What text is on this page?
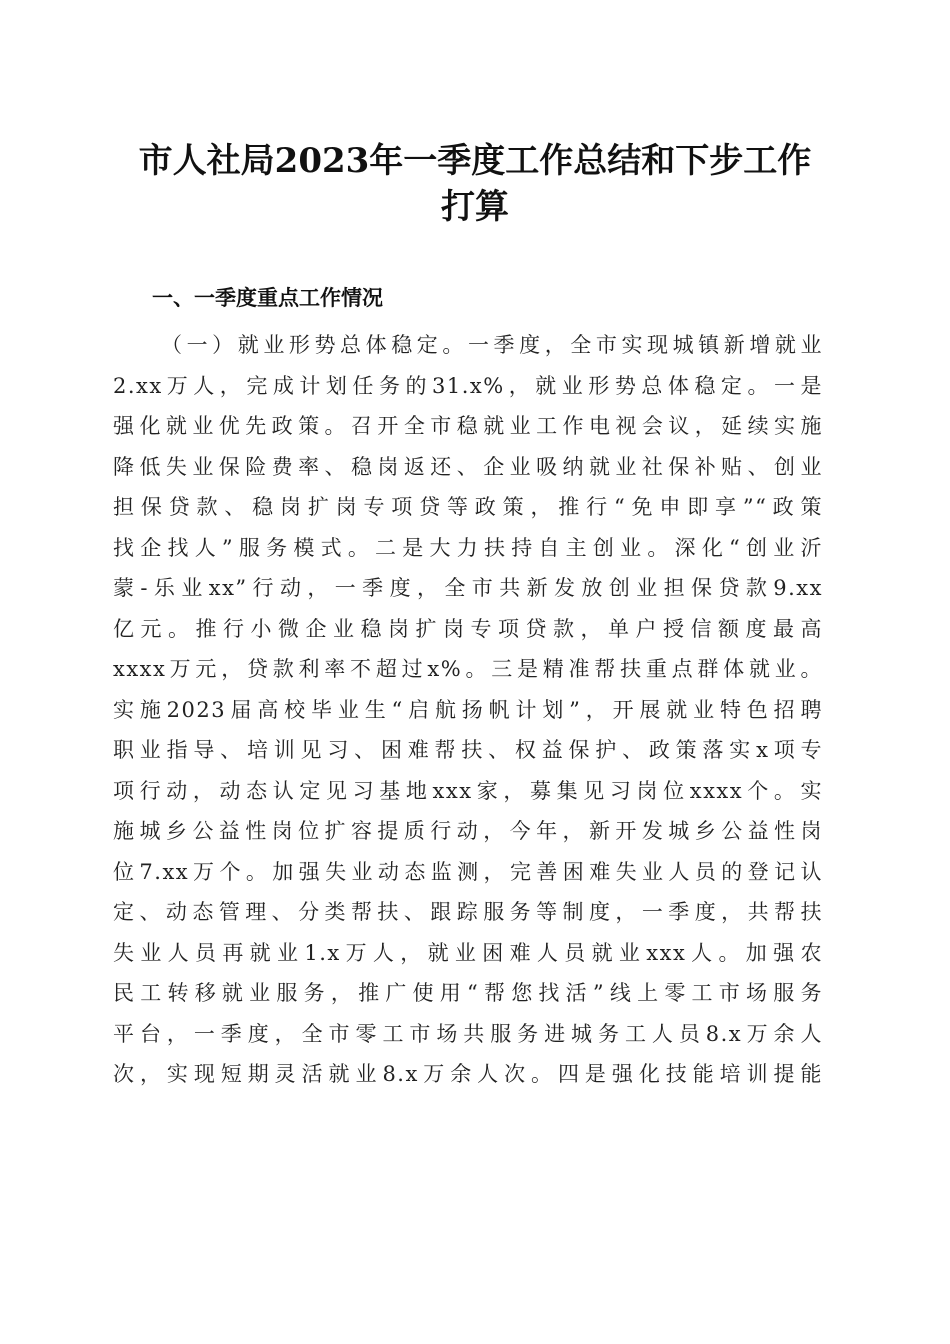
市人社局2023年一季度工作总结和下步工作
打算
一、一季度重点工作情况
（一）就业形势总体稳定。一季度，全市实现城镇新增就业
2.xx万人，完成计划任务的31.x%，就业形势总体稳定。一是
强化就业优先政策。召开全市稳就业工作电视会议，延续实施
降低失业保险费率、稳岗返还、企业吸纳就业社保补贴、创业
担保贷款、稳岗扩岗专项贷等政策，推行“免申即享”“政策
找企找人”服务模式。二是大力扶持自主创业。深化“创业沂
蒙-乐业xx”行动，一季度，全市共新发放创业担保贷款9.xx
亿元。推行小微企业稳岗扩岗专项贷款，单户授信额度最高
xxxx万元，贷款利率不超过x%。三是精准帮扶重点群体就业。
实施2023届高校毕业生“启航扬帆计划”，开展就业特色招聘
职业指导、培训见习、困难帮扶、权益保护、政策落实x项专
项行动，动态认定见习基地xxx家，募集见习岗位xxxx个。实
施城乡公益性岗位扩容提质行动，今年，新开发城乡公益性岗
位7.xx万个。加强失业动态监测，完善困难失业人员的登记认
定、动态管理、分类帮扶、跟踪服务等制度，一季度，共帮扶
失业人员再就业1.x万人，就业困难人员就业xxx人。加强农
民工转移就业服务，推广使用“帮您找活”线上零工市场服务
平台，一季度，全市零工市场共服务进城务工人员8.x万余人
次，实现短期灵活就业8.x万余人次。四是强化技能培训提能
